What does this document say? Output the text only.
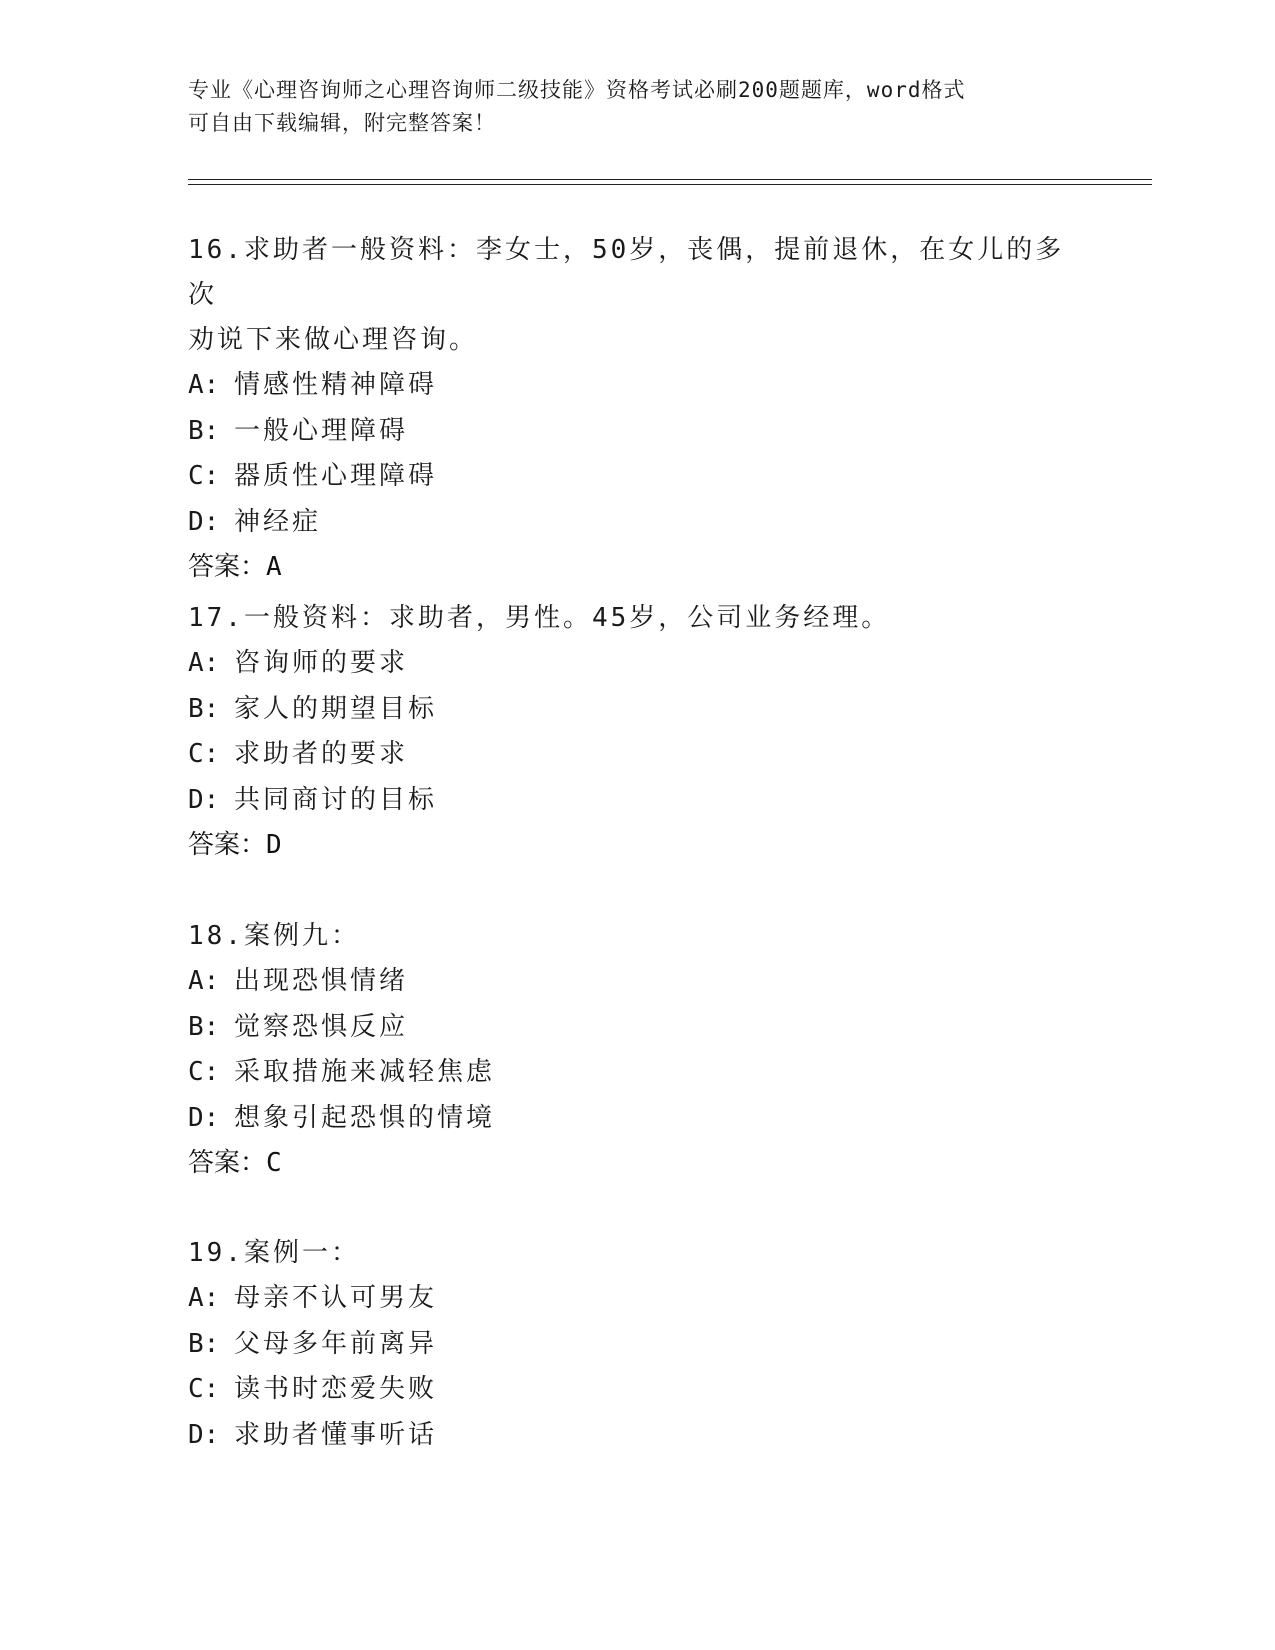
专业《心理咨询师之心理咨询师二级技能》资格考试必刷200题题库，word格式
可自由下载编辑，附完整答案！

16.求助者一般资料：李女士，50岁，丧偶，提前退休，在女儿的多次

劝说下来做心理咨询。

A: 情感性精神障碍

B: 一般心理障碍

C: 器质性心理障碍

D: 神经症

答案：A

17.一般资料：求助者，男性。45岁，公司业务经理。

A: 咨询师的要求

B: 家人的期望目标

C: 求助者的要求

D: 共同商讨的目标

答案：D

18.案例九：

A: 出现恐惧情绪

B: 觉察恐惧反应

C: 采取措施来减轻焦虑

D: 想象引起恐惧的情境

答案：C

19.案例一：

A: 母亲不认可男友

B: 父母多年前离异

C: 读书时恋爱失败

D: 求助者懂事听话
